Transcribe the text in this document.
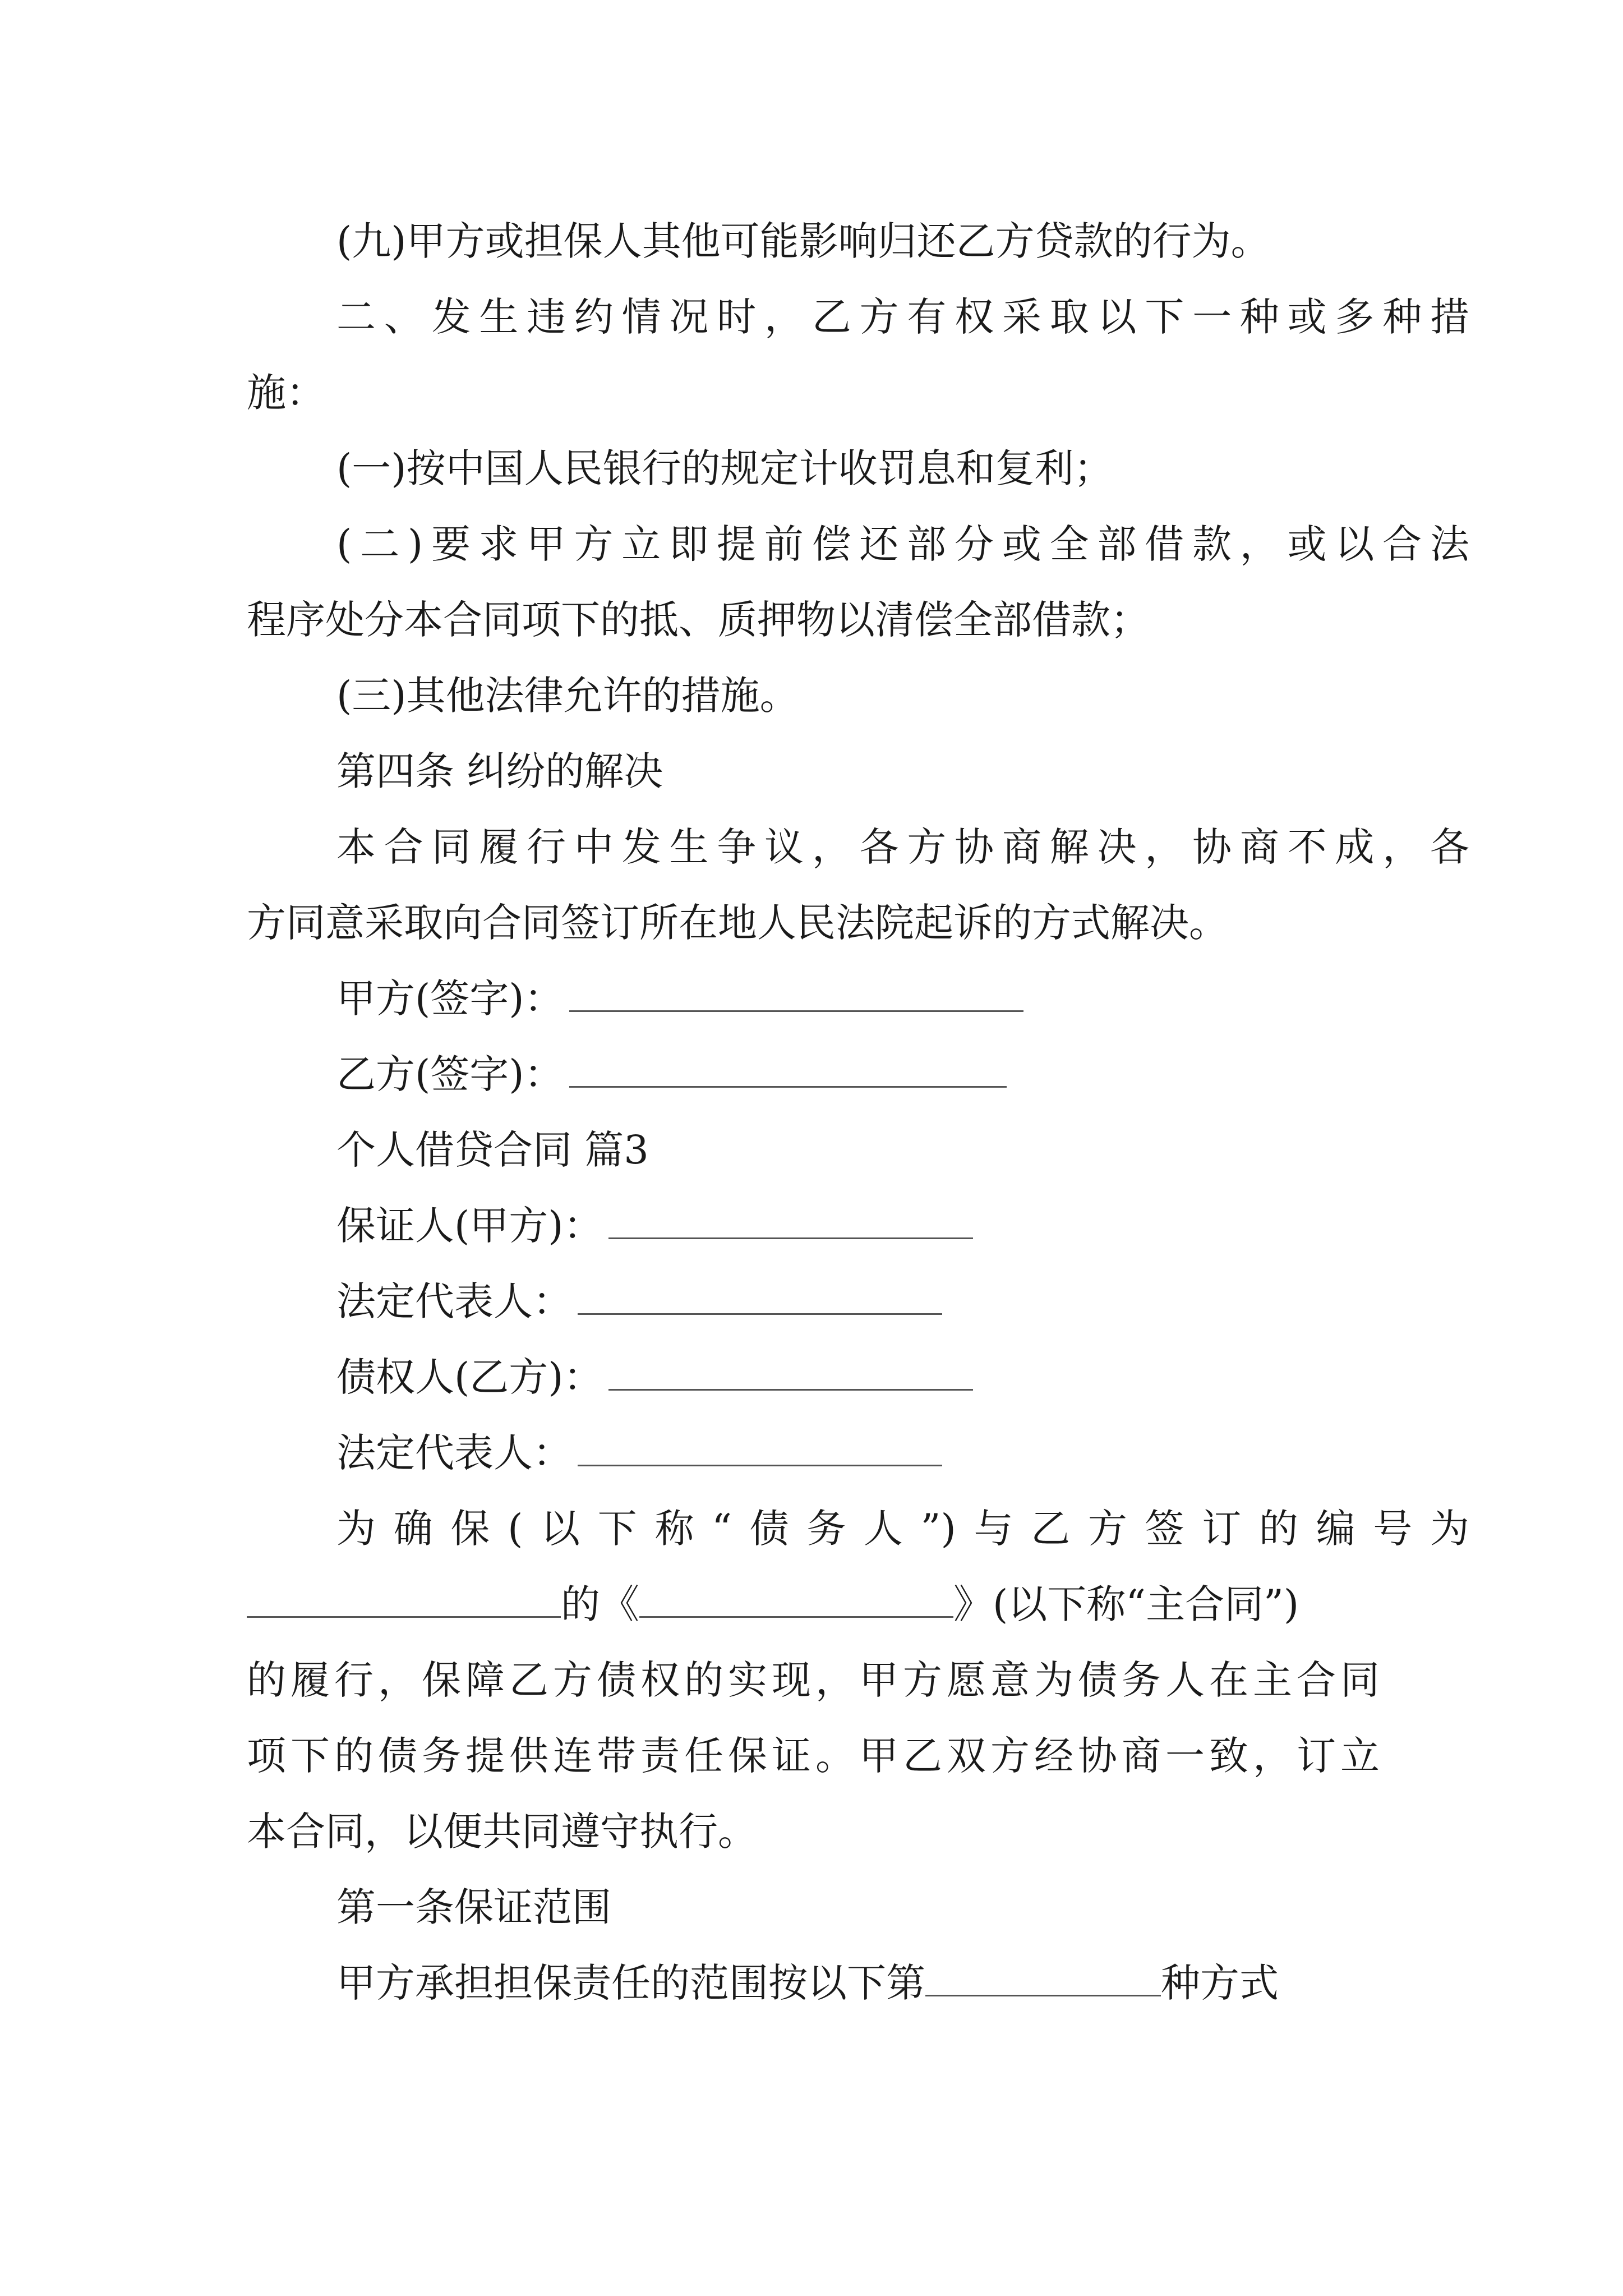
(九)甲方或担保人其他可能影响归还乙方贷款的行为。
二、发生违约情况时，乙方有权采取以下一种或多种措
施：
(一)按中国人民银行的规定计收罚息和复利；
(二)要求甲方立即提前偿还部分或全部借款，或以合法
程序处分本合同项下的抵、质押物以清偿全部借款；
(三)其他法律允许的措施。
第四条 纠纷的解决
本合同履行中发生争议，各方协商解决，协商不成，各
方同意采取向合同签订所在地人民法院起诉的方式解决。
甲方(签字)：
乙方(签字)：
个人借贷合同 篇3
保证人(甲方)：
法定代表人：
债权人(乙方)：
法定代表人：
为确保(以下称“债务人”)与乙方签订的编号为
的《	》(以下称“主合同”)
的履行，保障乙方债权的实现，甲方愿意为债务人在主合同
项下的债务提供连带责任保证。甲乙双方经协商一致，订立
本合同，以便共同遵守执行。
第一条保证范围
甲方承担担保责任的范围按以下第	种方式
